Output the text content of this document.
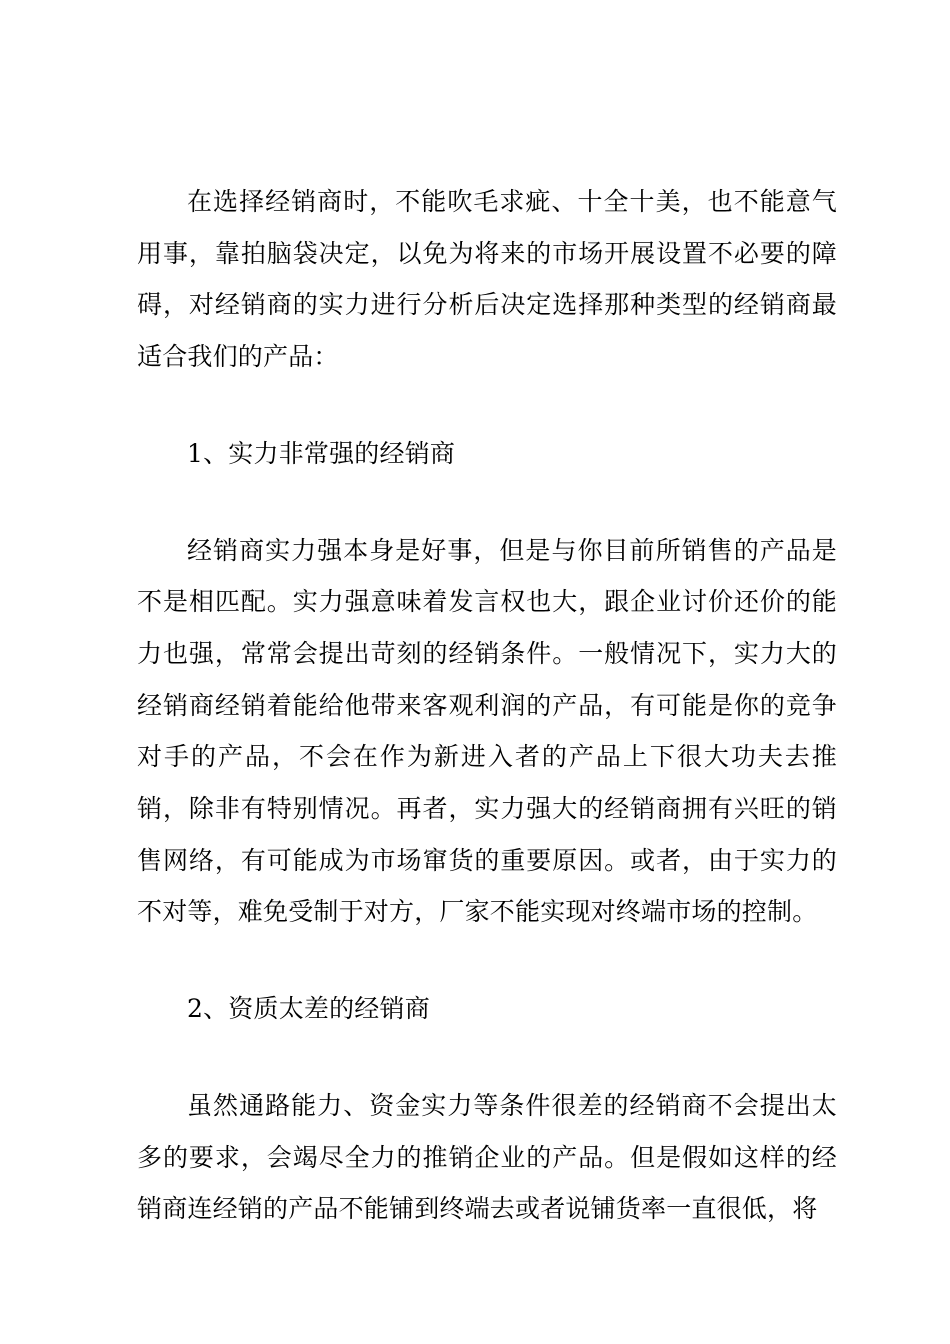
在选择经销商时，不能吹毛求疵、十全十美，也不能意气用事，靠拍脑袋决定，以免为将来的市场开展设置不必要的障碍，对经销商的实力进行分析后决定选择那种类型的经销商最适合我们的产品：

1、实力非常强的经销商

经销商实力强本身是好事，但是与你目前所销售的产品是不是相匹配。实力强意味着发言权也大，跟企业讨价还价的能力也强，常常会提出苛刻的经销条件。一般情况下，实力大的经销商经销着能给他带来客观利润的产品，有可能是你的竞争对手的产品，不会在作为新进入者的产品上下很大功夫去推销，除非有特别情况。再者，实力强大的经销商拥有兴旺的销售网络，有可能成为市场窜货的重要原因。或者，由于实力的不对等，难免受制于对方，厂家不能实现对终端市场的控制。

2、资质太差的经销商

虽然通路能力、资金实力等条件很差的经销商不会提出太多的要求，会竭尽全力的推销企业的产品。但是假如这样的经销商连经销的产品不能铺到终端去或者说铺货率一直很低，将
